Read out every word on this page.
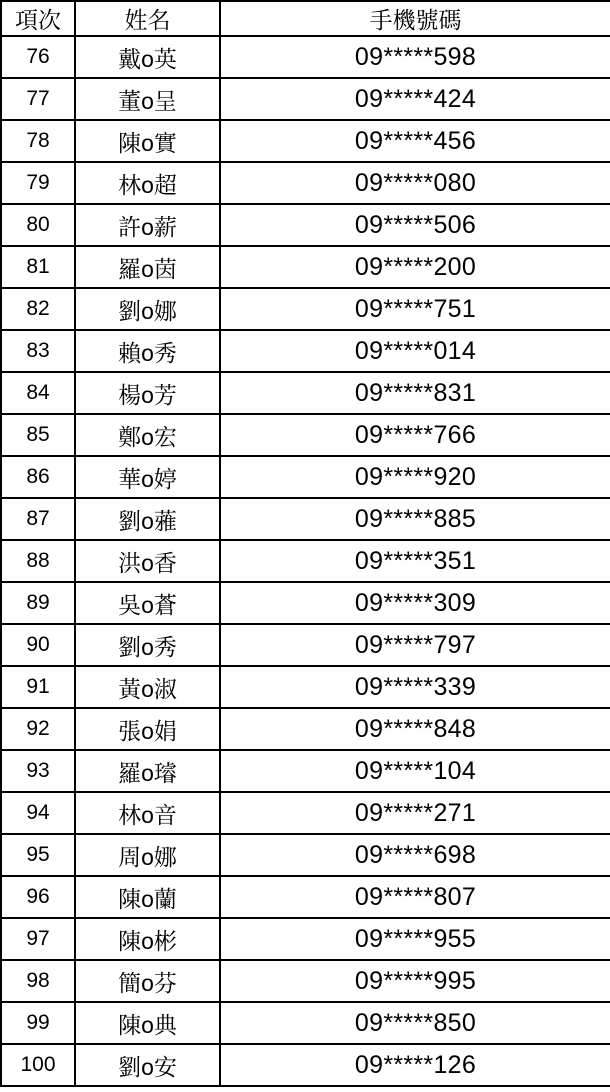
項次	姓名	手機號碼
76	戴o英	09*****598
77	董o呈	09*****424
78	陳o實	09*****456
79	林o超	09*****080
80	許o薪	09*****506
81	羅o茵	09*****200
82	劉o娜	09*****751
83	賴o秀	09*****014
84	楊o芳	09*****831
85	鄭o宏	09*****766
86	華o婷	09*****920
87	劉o蕥	09*****885
88	洪o香	09*****351
89	吳o蒼	09*****309
90	劉o秀	09*****797
91	黃o淑	09*****339
92	張o娟	09*****848
93	羅o璿	09*****104
94	林o音	09*****271
95	周o娜	09*****698
96	陳o蘭	09*****807
97	陳o彬	09*****955
98	簡o芬	09*****995
99	陳o典	09*****850
100	劉o安	09*****126
